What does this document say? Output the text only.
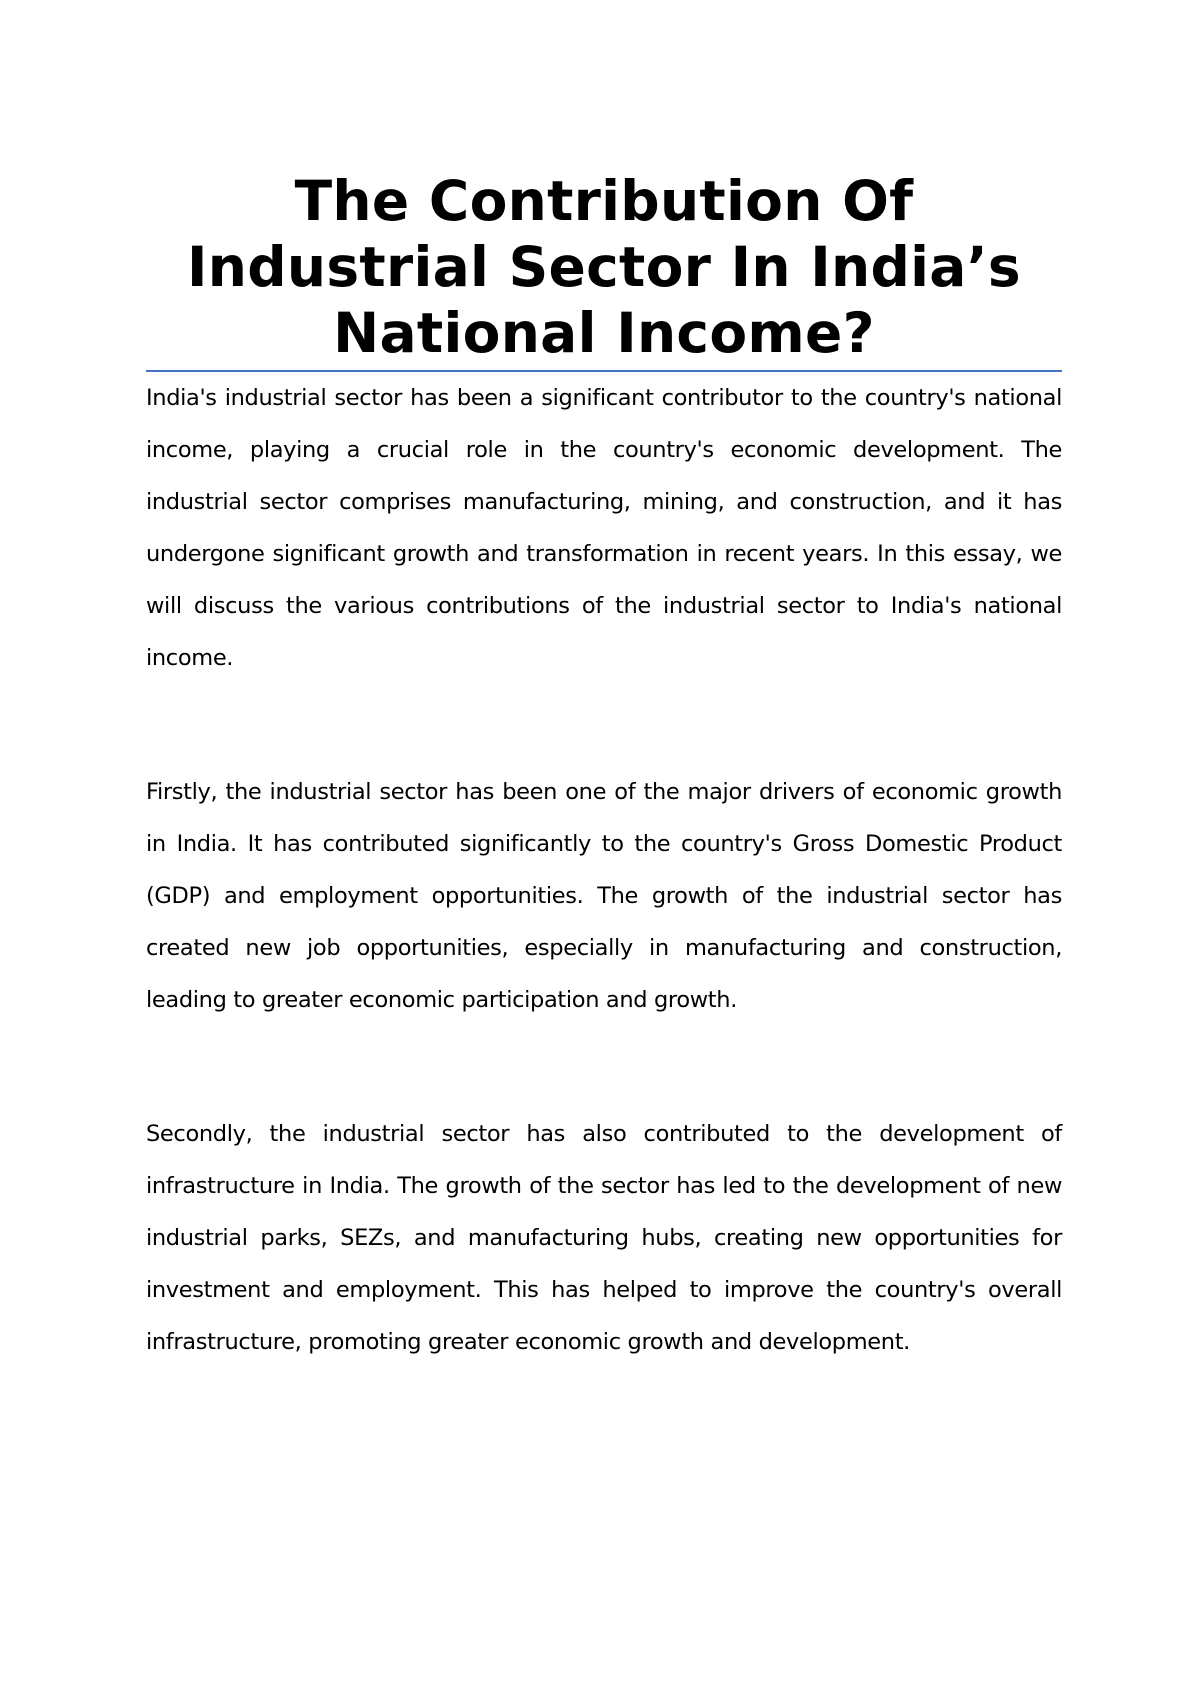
The Contribution Of Industrial Sector In India’s National Income?

India's industrial sector has been a significant contributor to the country's national income, playing a crucial role in the country's economic development. The industrial sector comprises manufacturing, mining, and construction, and it has undergone significant growth and transformation in recent years. In this essay, we will discuss the various contributions of the industrial sector to India's national income.

Firstly, the industrial sector has been one of the major drivers of economic growth in India. It has contributed significantly to the country's Gross Domestic Product (GDP) and employment opportunities. The growth of the industrial sector has created new job opportunities, especially in manufacturing and construction, leading to greater economic participation and growth.

Secondly, the industrial sector has also contributed to the development of infrastructure in India. The growth of the sector has led to the development of new industrial parks, SEZs, and manufacturing hubs, creating new opportunities for investment and employment. This has helped to improve the country's overall infrastructure, promoting greater economic growth and development.
